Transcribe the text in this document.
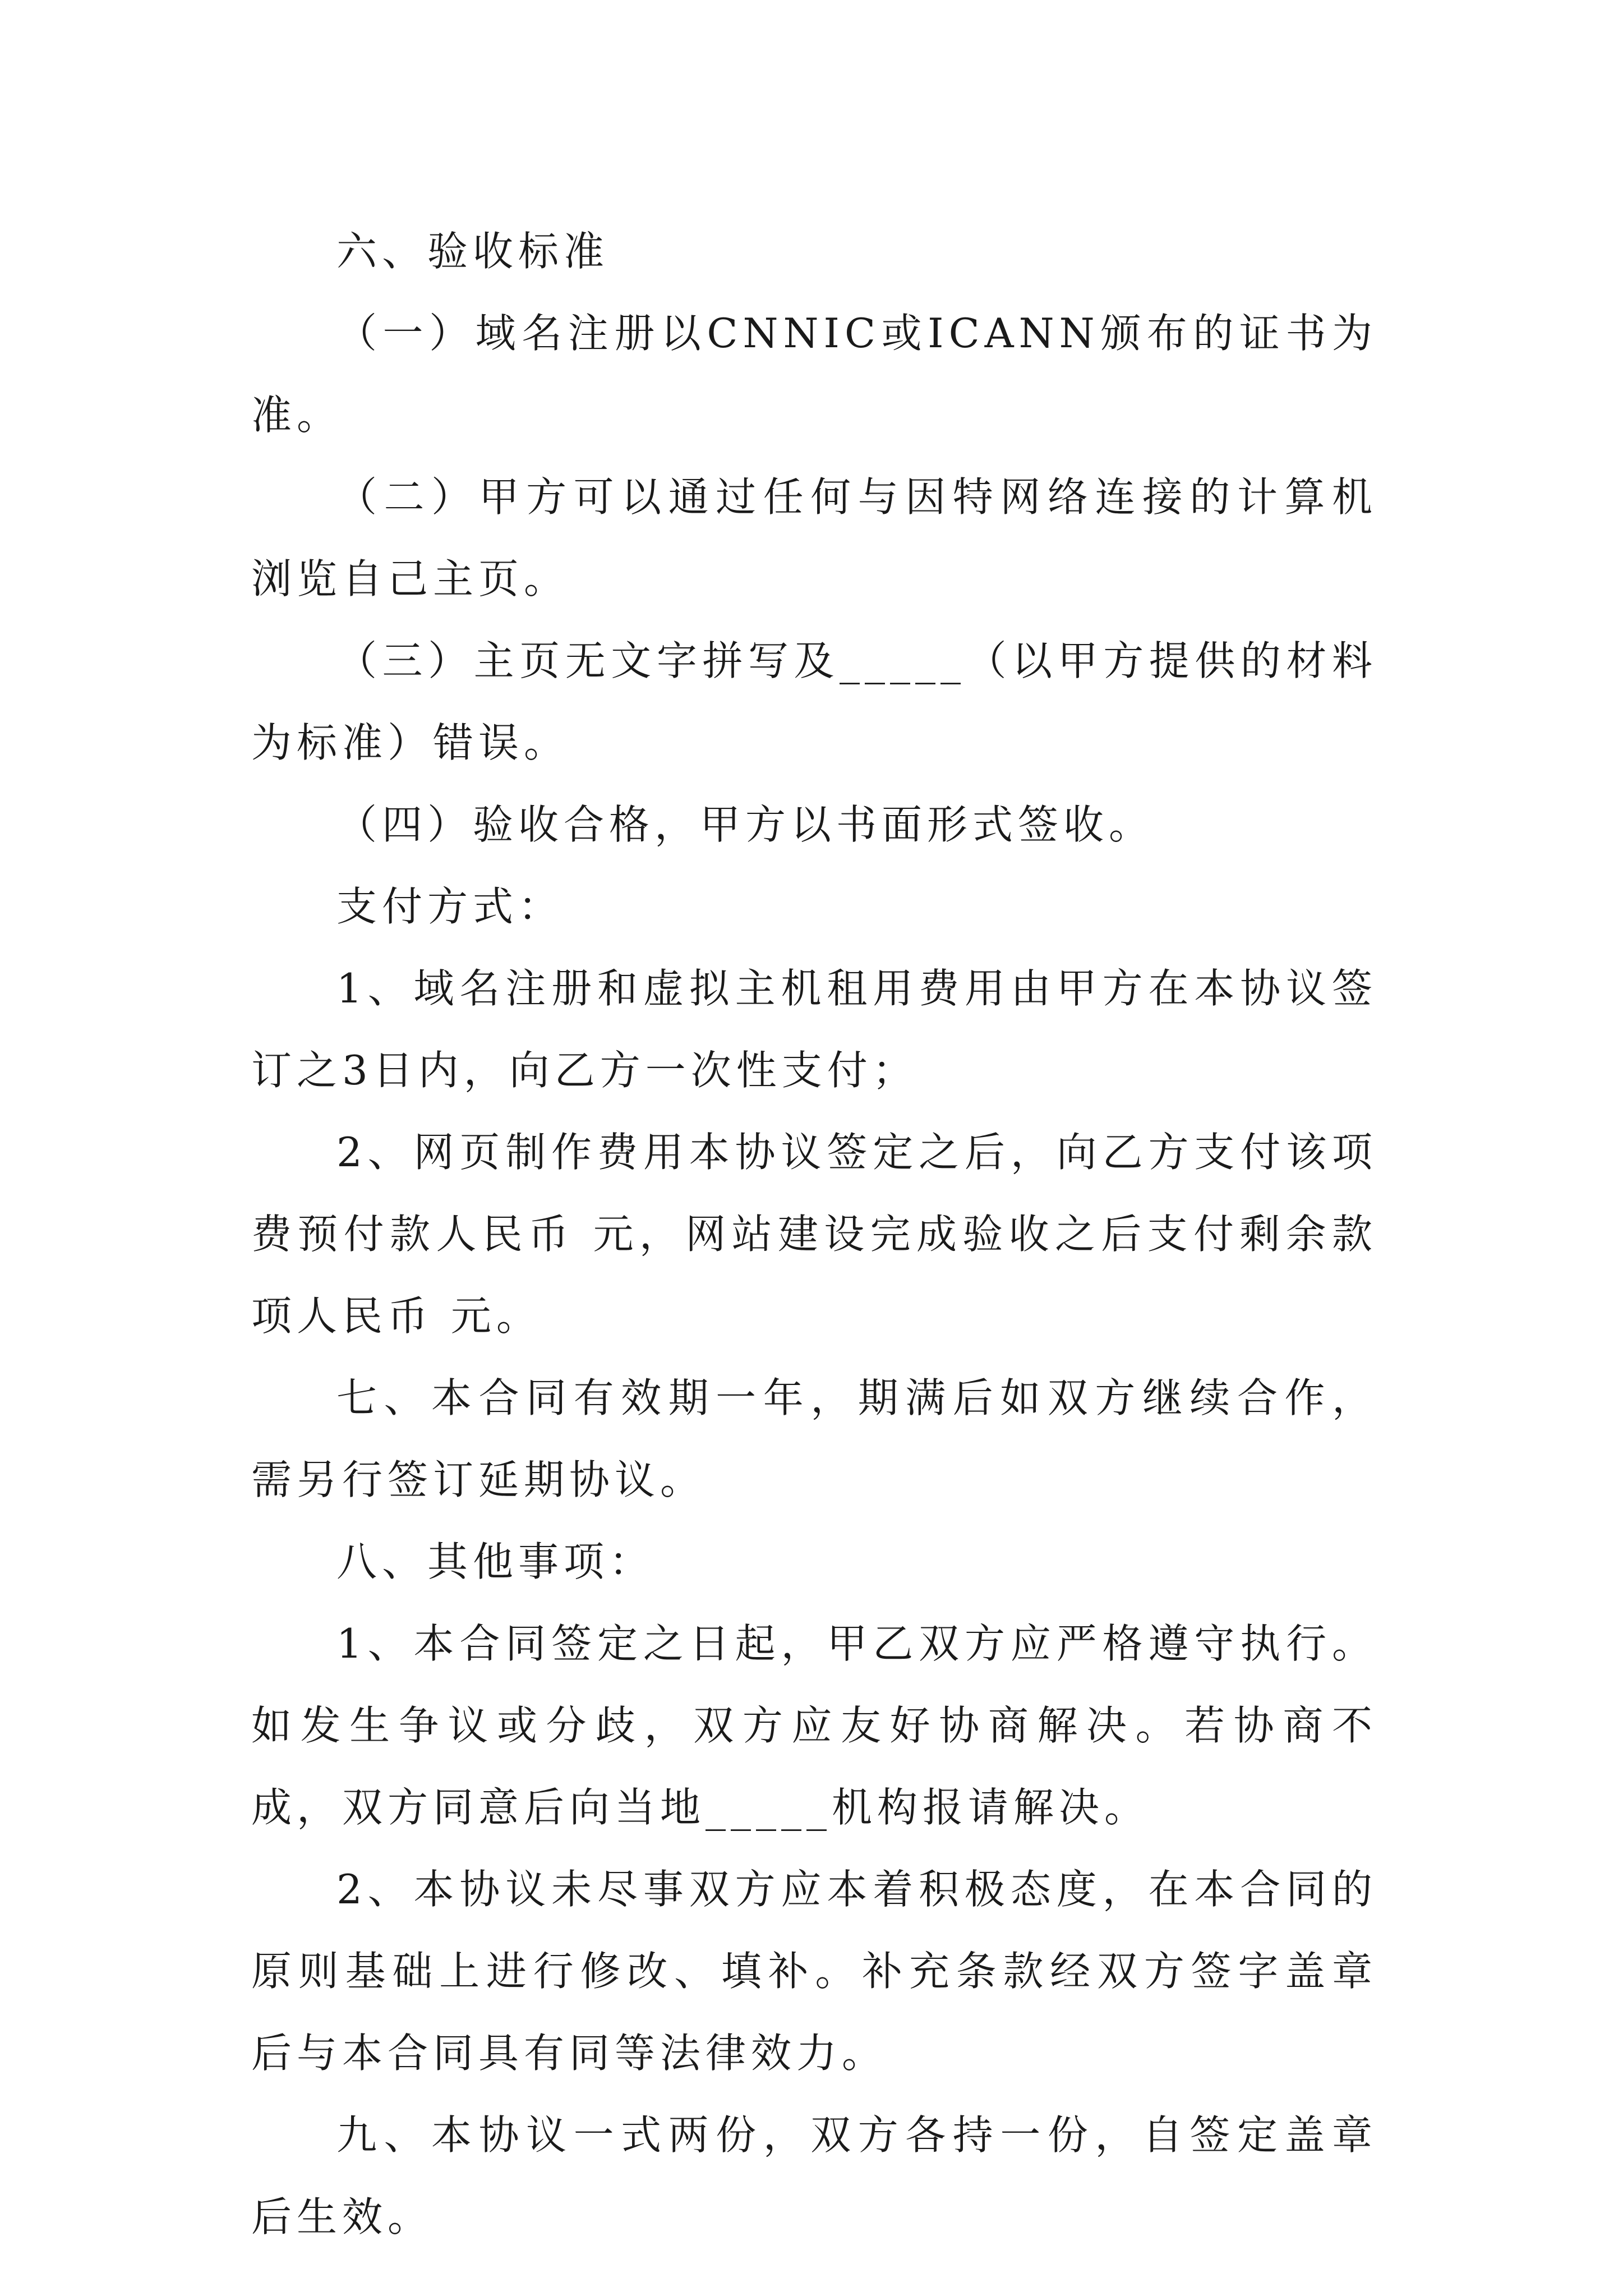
六、验收标准

（一）域名注册以CNNIC或ICANN颁布的证书为准。

（二）甲方可以通过任何与因特网络连接的计算机浏览自己主页。

（三）主页无文字拼写及_____（以甲方提供的材料为标准）错误。

（四）验收合格，甲方以书面形式签收。

支付方式：

1、域名注册和虚拟主机租用费用由甲方在本协议签订之3日内，向乙方一次性支付；

2、网页制作费用本协议签定之后，向乙方支付该项费预付款人民币 元，网站建设完成验收之后支付剩余款项人民币 元。

七、本合同有效期一年，期满后如双方继续合作，需另行签订延期协议。

八、其他事项：

1、本合同签定之日起，甲乙双方应严格遵守执行。如发生争议或分歧，双方应友好协商解决。若协商不成，双方同意后向当地_____机构报请解决。

2、本协议未尽事双方应本着积极态度，在本合同的原则基础上进行修改、填补。补充条款经双方签字盖章后与本合同具有同等法律效力。

九、本协议一式两份，双方各持一份，自签定盖章后生效。
